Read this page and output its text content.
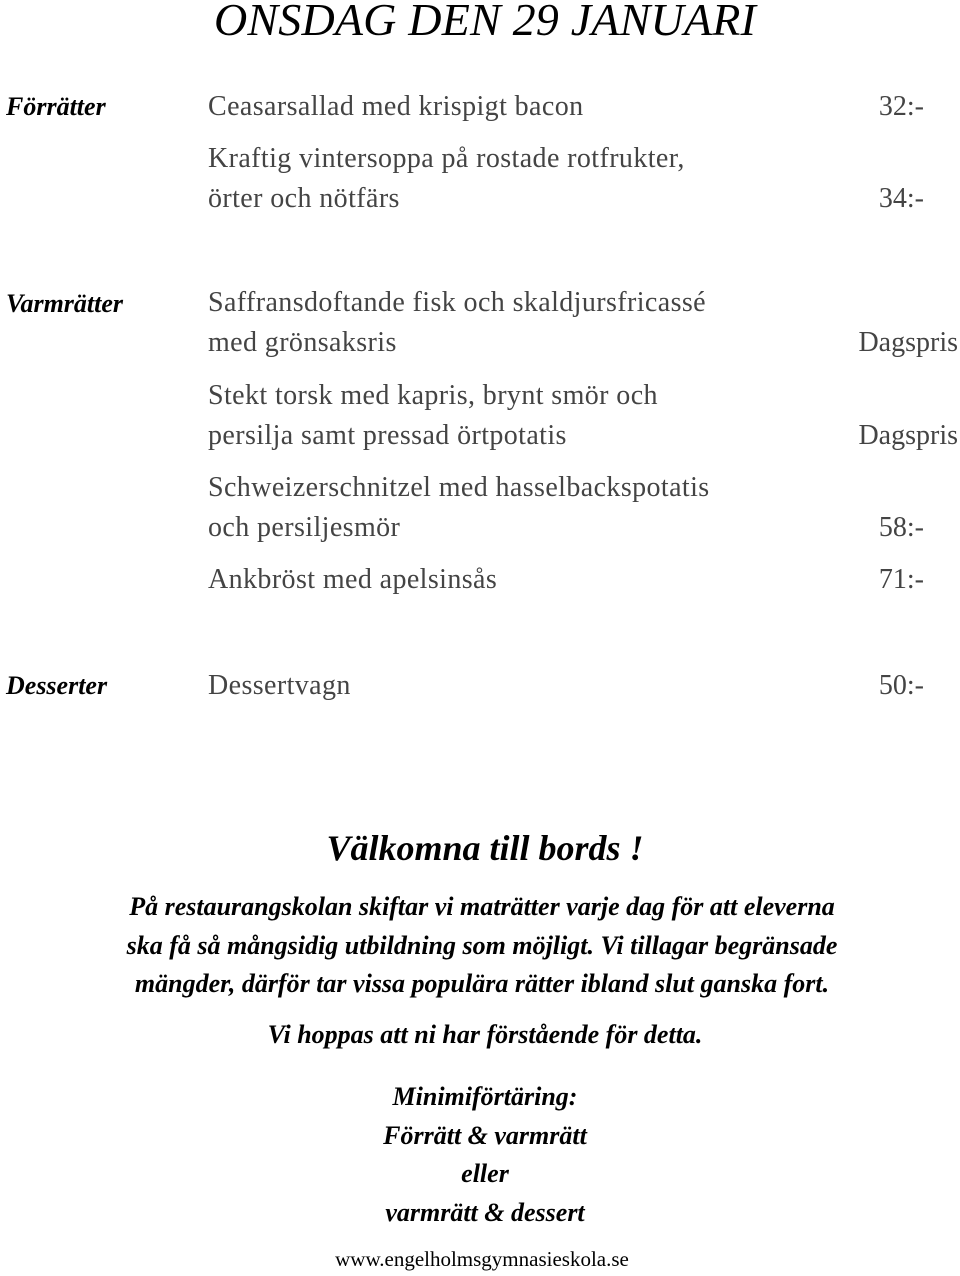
ONSDAG DEN 29 JANUARI
Förrätter	Ceasarsallad med krispigt bacon	32:-
Kraftig vintersoppa på rostade rotfrukter,
örter och nötfärs	34:-
Varmrätter	Saffransdoftande fisk och skaldjursfricassé
med grönsaksris	Dagspris
Stekt torsk med kapris, brynt smör och
persilja samt pressad örtpotatis	Dagspris
Schweizerschnitzel med hasselbackspotatis
och persiljesmör	58:-
Ankbröst med apelsinsås	71:-
Desserter	Dessertvagn	50:-
Välkomna till bords !
På restaurangskolan skiftar vi maträtter varje dag för att eleverna
ska få så mångsidig utbildning som möjligt. Vi tillagar begränsade
mängder, därför tar vissa populära rätter ibland slut ganska fort.
Vi hoppas att ni har förstående för detta.
Minimiförtäring:
Förrätt & varmrätt
eller
varmrätt & dessert
www.engelholmsgymnasieskola.se
